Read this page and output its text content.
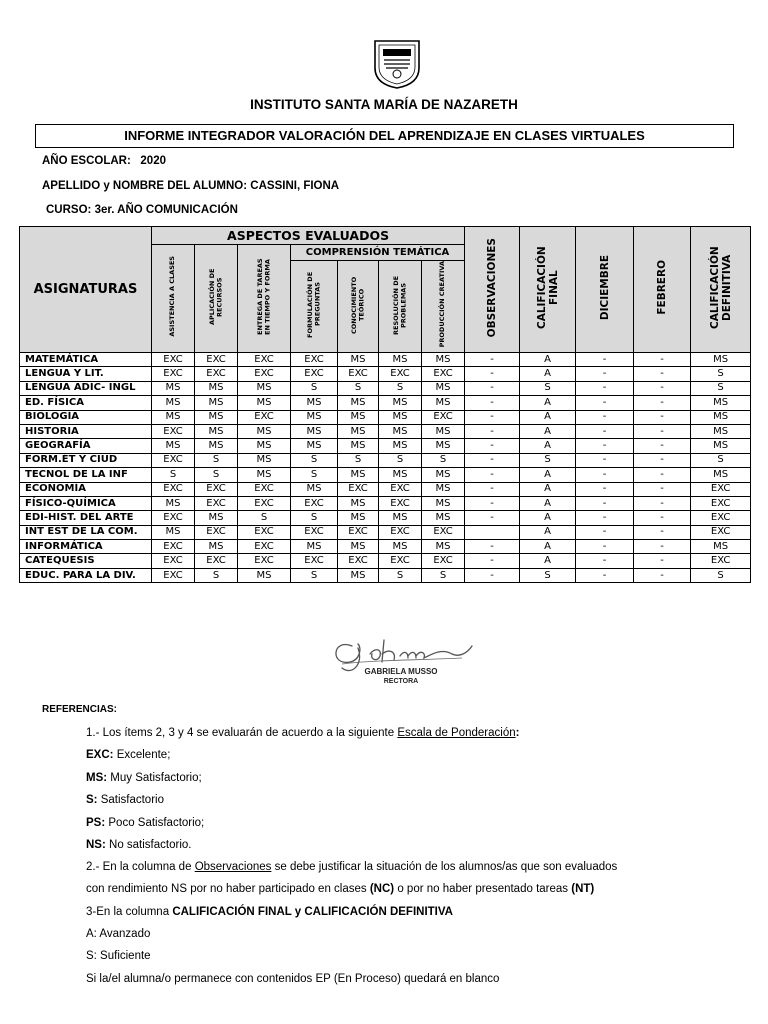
INSTITUTO SANTA MARÍA DE NAZARETH
INFORME INTEGRADOR VALORACIÓN DEL APRENDIZAJE EN CLASES VIRTUALES
AÑO ESCOLAR: 2020
APELLIDO y NOMBRE DEL ALUMNO: CASSINI, FIONA
CURSO: 3er. AÑO COMUNICACIÓN
ASIGNATURAS	ASPECTOS EVALUADOS							OBSERVACIONES	CALIFICACIÓN FINAL	DICIEMBRE	FEBRERO	CALIFICACIÓN DEFINITIVA
	ASISTENCIA A CLASES	APLICACIÓN DE RECURSOS	ENTREGA DE TAREAS EN TIEMPO Y FORMA	COMPRENSIÓN TEMÁTICA								
				FORMULACIÓN DE PREGUNTAS	CONOCIMIENTO TEÓRICO	RESOLUCIÓN DE PROBLEMAS	PRODUCCIÓN CREATIVA					
MATEMÁTICA	EXC	EXC	EXC	EXC	MS	MS	MS	-	A	-	-	MS
LENGUA Y LIT.	EXC	EXC	EXC	EXC	EXC	EXC	EXC	-	A	-	-	S
LENGUA ADIC- INGL	MS	MS	MS	S	S	S	MS	-	S	-	-	S
ED. FÍSICA	MS	MS	MS	MS	MS	MS	MS	-	A	-	-	MS
BIOLOGÍA	MS	MS	EXC	MS	MS	MS	EXC	-	A	-	-	MS
HISTORIA	EXC	MS	MS	MS	MS	MS	MS	-	A	-	-	MS
GEOGRAFÍA	MS	MS	MS	MS	MS	MS	MS	-	A	-	-	MS
FORM.ÉT Y CIUD	EXC	S	MS	S	S	S	S	-	S	-	-	S
TECNOL DE LA INF	S	S	MS	S	MS	MS	MS	-	A	-	-	MS
ECONOMÍA	EXC	EXC	EXC	MS	EXC	EXC	MS	-	A	-	-	EXC
FÍSICO-QUÍMICA	MS	EXC	EXC	EXC	MS	EXC	MS	-	A	-	-	EXC
EDI-HIST. DEL ARTE	EXC	MS	S	S	MS	MS	MS	-	A	-	-	EXC
INT EST DE LA COM.	MS	EXC	EXC	EXC	EXC	EXC	EXC		A	-	-	EXC
INFORMÁTICA	EXC	MS	EXC	MS	MS	MS	MS	-	A	-	-	MS
CATEQUESIS	EXC	EXC	EXC	EXC	EXC	EXC	EXC	-	A	-	-	EXC
EDUC. PARA LA DIV.	EXC	S	MS	S	MS	S	S	-	S	-	-	S
GABRIELA MUSSO
RECTORA
REFERENCIAS:
1.- Los ítems 2, 3 y 4 se evaluarán de acuerdo a la siguiente Escala de Ponderación:
EXC: Excelente;
MS: Muy Satisfactorio;
S: Satisfactorio
PS: Poco Satisfactorio;
NS: No satisfactorio.
2.- En la columna de Observaciones se debe justificar la situación de los alumnos/as que son evaluados
con rendimiento NS por no haber participado en clases (NC) o por no haber presentado tareas (NT)
3-En la columna CALIFICACIÓN FINAL y CALIFICACIÓN DEFINITIVA
A: Avanzado
S: Suficiente
Si la/el alumna/o permanece con contenidos EP (En Proceso) quedará en blanco
